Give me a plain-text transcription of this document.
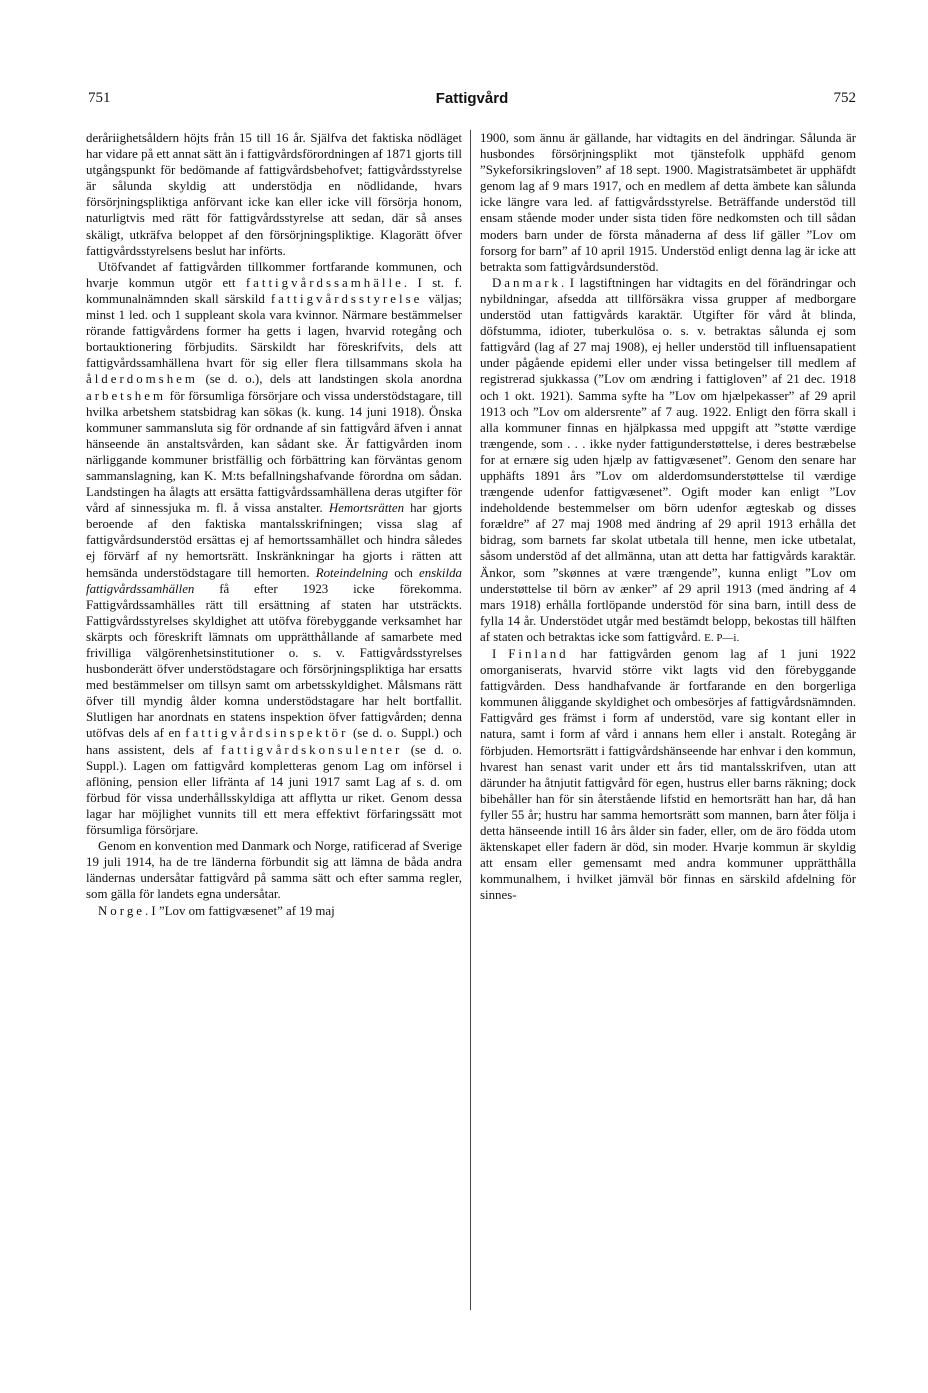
751	Fattigvård	752

deråriighetsåldern höjts från 15 till 16 år. Själfva det faktiska nödläget har vidare på ett annat sätt än i fattigvårdsförordningen af 1871 gjorts till utgångspunkt för bedömande af fattigvårdsbehofvet; fattigvårdsstyrelse är sålunda skyldig att understödja en nödlidande, hvars försörjningspliktiga anförvant icke kan eller icke vill försörja honom, naturligtvis med rätt för fattigvårdsstyrelse att sedan, där så anses skäligt, utkräfva beloppet af den försörjningspliktige. Klagorätt öfver fattigvårdsstyrelsens beslut har införts.

Utöfvandet af fattigvården tillkommer fortfarande kommunen, och hvarje kommun utgör ett fattigvårdssamhälle. I st. f. kommunalnämnden skall särskild fattigvårdsstyrelse väljas; minst 1 led. och 1 suppleant skola vara kvinnor. Närmare bestämmelser rörande fattigvårdens former ha getts i lagen, hvarvid rotegång och bortauktionering förbjudits. Särskildt har föreskrifvits, dels att fattigvårdssamhällena hvart för sig eller flera tillsammans skola ha ålderdomshem (se d. o.), dels att landstingen skola anordna arbetshem för försumliga försörjare och vissa understödstagare, till hvilka arbetshem statsbidrag kan sökas (k. kung. 14 juni 1918). Önska kommuner sammansluta sig för ordnande af sin fattigvård äfven i annat hänseende än anstaltsvården, kan sådant ske. Är fattigvården inom närliggande kommuner bristfällig och förbättring kan förväntas genom sammanslagning, kan K. M:ts befallningshafvande förordna om sådan. Landstingen ha ålagts att ersätta fattigvårdssamhällena deras utgifter för vård af sinnessjuka m. fl. å vissa anstalter. Hemortsrätten har gjorts beroende af den faktiska mantalsskrifningen; vissa slag af fattigvårdsunderstöd ersättas ej af hemortssamhället och hindra således ej förvärf af ny hemortsrätt. Inskränkningar ha gjorts i rätten att hemsända understödstagare till hemorten. Roteindelning och enskilda fattigvårdssamhällen få efter 1923 icke förekomma. Fattigvårdssamhälles rätt till ersättning af staten har utsträckts. Fattigvårdsstyrelses skyldighet att utöfva förebyggande verksamhet har skärpts och föreskrift lämnats om upprätthållande af samarbete med frivilliga välgörenhetsinstitutioner o. s. v. Fattigvårdsstyrelses husbonderätt öfver understödstagare och försörjningspliktiga har ersatts med bestämmelser om tillsyn samt om arbetsskyldighet. Målsmans rätt öfver till myndig ålder komna understödstagare har helt bortfallit. Slutligen har anordnats en statens inspektion öfver fattigvården; denna utöfvas dels af en fattigvårdsinspektör (se d. o. Suppl.) och hans assistent, dels af fattigvårdskonsulenter (se d. o. Suppl.). Lagen om fattigvård kompletteras genom Lag om införsel i aflöning, pension eller lifränta af 14 juni 1917 samt Lag af s. d. om förbud för vissa underhållsskyldiga att afflytta ur riket. Genom dessa lagar har möjlighet vunnits till ett mera effektivt förfaringssätt mot försumliga försörjare.

Genom en konvention med Danmark och Norge, ratificerad af Sverige 19 juli 1914, ha de tre länderna förbundit sig att lämna de båda andra ländernas undersåtar fattigvård på samma sätt och efter samma regler, som gälla för landets egna undersåtar.

Norge. I ”Lov om fattigvæsenet” af 19 maj

1900, som ännu är gällande, har vidtagits en del ändringar. Sålunda är husbondes försörjningsplikt mot tjänstefolk upphäfd genom ”Sykeforsikringsloven” af 18 sept. 1900. Magistratsämbetet är upphäfdt genom lag af 9 mars 1917, och en medlem af detta ämbete kan sålunda icke längre vara led. af fattigvårdsstyrelse. Beträffande understöd till ensam stående moder under sista tiden före nedkomsten och till sådan moders barn under de första månaderna af dess lif gäller ”Lov om forsorg for barn” af 10 april 1915. Understöd enligt denna lag är icke att betrakta som fattigvårdsunderstöd.

Danmark. I lagstiftningen har vidtagits en del förändringar och nybildningar, afsedda att tillförsäkra vissa grupper af medborgare understöd utan fattigvårds karaktär. Utgifter för vård åt blinda, döfstumma, idioter, tuberkulösa o. s. v. betraktas sålunda ej som fattigvård (lag af 27 maj 1908), ej heller understöd till influensapatient under pågående epidemi eller under vissa betingelser till medlem af registrerad sjukkassa (”Lov om ændring i fattigloven” af 21 dec. 1918 och 1 okt. 1921). Samma syfte ha ”Lov om hjælpekasser” af 29 april 1913 och ”Lov om aldersrente” af 7 aug. 1922. Enligt den förra skall i alla kommuner finnas en hjälpkassa med uppgift att ”støtte værdige trængende, som . . . ikke nyder fattigunderstøttelse, i deres bestræbelse for at ernære sig uden hjælp av fattigvæsenet”. Genom den senare har upphäfts 1891 års ”Lov om alderdomsunderstøttelse til værdige trængende udenfor fattigvæsenet”. Ogift moder kan enligt ”Lov indeholdende bestemmelser om börn udenfor ægteskab og disses forældre” af 27 maj 1908 med ändring af 29 april 1913 erhålla det bidrag, som barnets far skolat utbetala till henne, men icke utbetalat, såsom understöd af det allmänna, utan att detta har fattigvårds karaktär. Änkor, som ”skønnes at være trængende”, kunna enligt ”Lov om understøttelse til börn av ænker” af 29 april 1913 (med ändring af 4 mars 1918) erhålla fortlöpande understöd för sina barn, intill dess de fylla 14 år. Understödet utgår med bestämdt belopp, bekostas till hälften af staten och betraktas icke som fattigvård. E. P—i.

I Finland har fattigvården genom lag af 1 juni 1922 omorganiserats, hvarvid större vikt lagts vid den förebyggande fattigvården. Dess handhafvande är fortfarande en den borgerliga kommunen åliggande skyldighet och ombesörjes af fattigvårdsnämnden. Fattigvård ges främst i form af understöd, vare sig kontant eller in natura, samt i form af vård i annans hem eller i anstalt. Rotegång är förbjuden. Hemortsrätt i fattigvårdshänseende har enhvar i den kommun, hvarest han senast varit under ett års tid mantalsskrifven, utan att därunder ha åtnjutit fattigvård för egen, hustrus eller barns räkning; dock bibehåller han för sin återstående lifstid en hemortsrätt han har, då han fyller 55 år; hustru har samma hemortsrätt som mannen, barn åter följa i detta hänseende intill 16 års ålder sin fader, eller, om de äro födda utom äktenskapet eller fadern är död, sin moder. Hvarje kommun är skyldig att ensam eller gemensamt med andra kommuner upprätthålla kommunalhem, i hvilket jämväl bör finnas en särskild afdelning för sinnes-
